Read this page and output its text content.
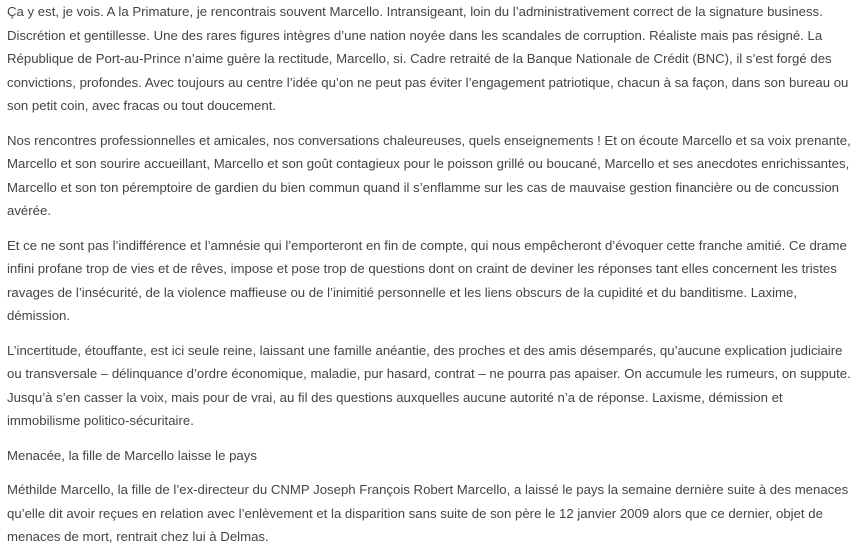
Ça y est, je vois. A la Primature, je rencontrais souvent Marcello. Intransigeant, loin du l’administrativement correct de la signature business. Discrétion et gentillesse. Une des rares figures intègres d’une nation noyée dans les scandales de corruption. Réaliste mais pas résigné. La République de Port-au-Prince n’aime guère la rectitude, Marcello, si. Cadre retraité de la Banque Nationale de Crédit (BNC), il s’est forgé des convictions, profondes. Avec toujours au centre l’idée qu’on ne peut pas éviter l’engagement patriotique, chacun à sa façon, dans son bureau ou son petit coin, avec fracas ou tout doucement.

Nos rencontres professionnelles et amicales, nos conversations chaleureuses, quels enseignements ! Et on écoute Marcello et sa voix prenante, Marcello et son sourire accueillant, Marcello et son goût contagieux pour le poisson grillé ou boucané, Marcello et ses anecdotes enrichissantes, Marcello et son ton péremptoire de gardien du bien commun quand il s’enflamme sur les cas de mauvaise gestion financière ou de concussion avérée.

Et ce ne sont pas l’indifférence et l’amnésie qui l’emporteront en fin de compte, qui nous empêcheront d’évoquer cette franche amitié. Ce drame infini profane trop de vies et de rêves, impose et pose trop de questions dont on craint de deviner les réponses tant elles concernent les tristes ravages de l’insécurité, de la violence maffieuse ou de l’inimitié personnelle et les liens obscurs de la cupidité et du banditisme. Laxime, démission.

L’incertitude, étouffante, est ici seule reine, laissant une famille anéantie, des proches et des amis désemparés, qu’aucune explication judiciaire ou transversale – délinquance d’ordre économique, maladie, pur hasard, contrat – ne pourra pas apaiser. On accumule les rumeurs, on suppute. Jusqu’à s’en casser la voix, mais pour de vrai, au fil des questions auxquelles aucune autorité n’a de réponse. Laxisme, démission et immobilisme politico-sécuritaire.

Menacée, la fille de Marcello laisse le pays

Méthilde Marcello, la fille de l’ex-directeur du CNMP Joseph François Robert Marcello, a laissé le pays la semaine dernière suite à des menaces qu’elle dit avoir reçues en relation avec l’enlèvement et la disparition sans suite de son père le 12 janvier 2009 alors que ce dernier, objet de menaces de mort, rentrait chez lui à Delmas.
